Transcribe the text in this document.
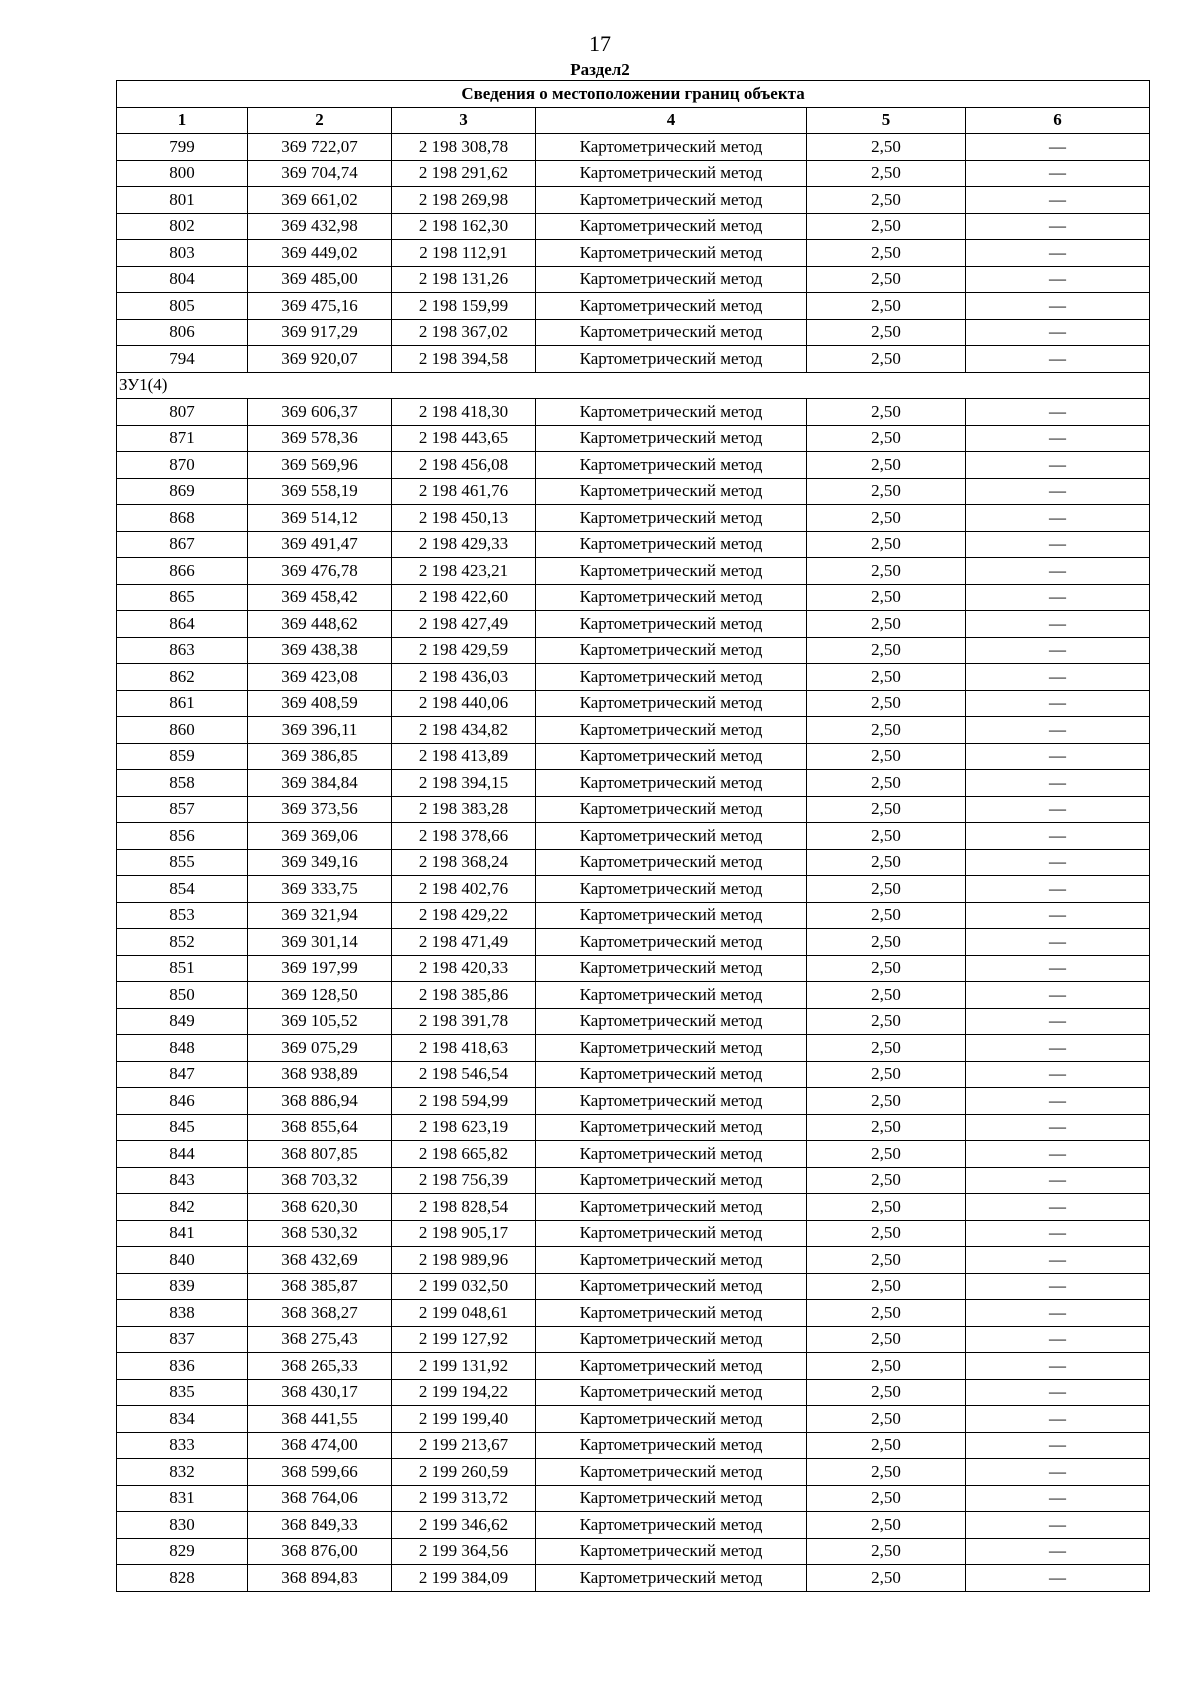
17
Раздел2
Сведения о местоположении границ объекта					
1	2	3	4	5	6
799	369 722,07	2 198 308,78	Картометрический метод	2,50	—
800	369 704,74	2 198 291,62	Картометрический метод	2,50	—
801	369 661,02	2 198 269,98	Картометрический метод	2,50	—
802	369 432,98	2 198 162,30	Картометрический метод	2,50	—
803	369 449,02	2 198 112,91	Картометрический метод	2,50	—
804	369 485,00	2 198 131,26	Картометрический метод	2,50	—
805	369 475,16	2 198 159,99	Картометрический метод	2,50	—
806	369 917,29	2 198 367,02	Картометрический метод	2,50	—
794	369 920,07	2 198 394,58	Картометрический метод	2,50	—
ЗУ1(4)					
807	369 606,37	2 198 418,30	Картометрический метод	2,50	—
871	369 578,36	2 198 443,65	Картометрический метод	2,50	—
870	369 569,96	2 198 456,08	Картометрический метод	2,50	—
869	369 558,19	2 198 461,76	Картометрический метод	2,50	—
868	369 514,12	2 198 450,13	Картометрический метод	2,50	—
867	369 491,47	2 198 429,33	Картометрический метод	2,50	—
866	369 476,78	2 198 423,21	Картометрический метод	2,50	—
865	369 458,42	2 198 422,60	Картометрический метод	2,50	—
864	369 448,62	2 198 427,49	Картометрический метод	2,50	—
863	369 438,38	2 198 429,59	Картометрический метод	2,50	—
862	369 423,08	2 198 436,03	Картометрический метод	2,50	—
861	369 408,59	2 198 440,06	Картометрический метод	2,50	—
860	369 396,11	2 198 434,82	Картометрический метод	2,50	—
859	369 386,85	2 198 413,89	Картометрический метод	2,50	—
858	369 384,84	2 198 394,15	Картометрический метод	2,50	—
857	369 373,56	2 198 383,28	Картометрический метод	2,50	—
856	369 369,06	2 198 378,66	Картометрический метод	2,50	—
855	369 349,16	2 198 368,24	Картометрический метод	2,50	—
854	369 333,75	2 198 402,76	Картометрический метод	2,50	—
853	369 321,94	2 198 429,22	Картометрический метод	2,50	—
852	369 301,14	2 198 471,49	Картометрический метод	2,50	—
851	369 197,99	2 198 420,33	Картометрический метод	2,50	—
850	369 128,50	2 198 385,86	Картометрический метод	2,50	—
849	369 105,52	2 198 391,78	Картометрический метод	2,50	—
848	369 075,29	2 198 418,63	Картометрический метод	2,50	—
847	368 938,89	2 198 546,54	Картометрический метод	2,50	—
846	368 886,94	2 198 594,99	Картометрический метод	2,50	—
845	368 855,64	2 198 623,19	Картометрический метод	2,50	—
844	368 807,85	2 198 665,82	Картометрический метод	2,50	—
843	368 703,32	2 198 756,39	Картометрический метод	2,50	—
842	368 620,30	2 198 828,54	Картометрический метод	2,50	—
841	368 530,32	2 198 905,17	Картометрический метод	2,50	—
840	368 432,69	2 198 989,96	Картометрический метод	2,50	—
839	368 385,87	2 199 032,50	Картометрический метод	2,50	—
838	368 368,27	2 199 048,61	Картометрический метод	2,50	—
837	368 275,43	2 199 127,92	Картометрический метод	2,50	—
836	368 265,33	2 199 131,92	Картометрический метод	2,50	—
835	368 430,17	2 199 194,22	Картометрический метод	2,50	—
834	368 441,55	2 199 199,40	Картометрический метод	2,50	—
833	368 474,00	2 199 213,67	Картометрический метод	2,50	—
832	368 599,66	2 199 260,59	Картометрический метод	2,50	—
831	368 764,06	2 199 313,72	Картометрический метод	2,50	—
830	368 849,33	2 199 346,62	Картометрический метод	2,50	—
829	368 876,00	2 199 364,56	Картометрический метод	2,50	—
828	368 894,83	2 199 384,09	Картометрический метод	2,50	—
